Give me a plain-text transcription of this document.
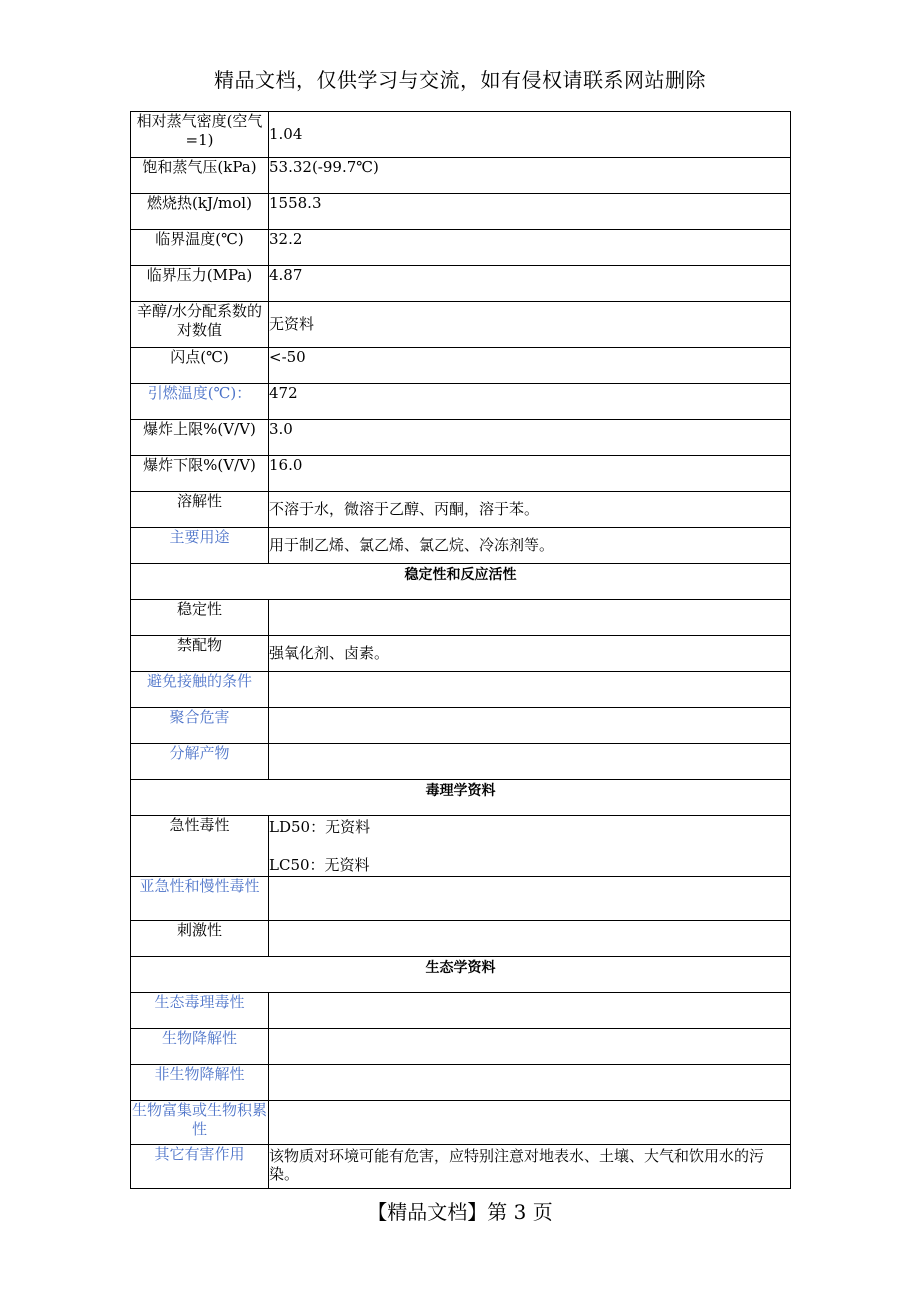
精品文档，仅供学习与交流，如有侵权请联系网站删除
相对蒸气密度(空气=1)	1.04
饱和蒸气压(kPa)	53.32(-99.7℃)
燃烧热(kJ/mol)	1558.3
临界温度(℃)	32.2
临界压力(MPa)	4.87
辛醇/水分配系数的对数值	无资料
闪点(℃)	<-50
引燃温度(℃)：	472
爆炸上限%(V/V)	3.0
爆炸下限%(V/V)	16.0
溶解性	不溶于水，微溶于乙醇、丙酮，溶于苯。
主要用途	用于制乙烯、氯乙烯、氯乙烷、冷冻剂等。
稳定性和反应活性	
稳定性	
禁配物	强氧化剂、卤素。
避免接触的条件	
聚合危害	
分解产物	
毒理学资料	
急性毒性	LD50：无资料
LC50：无资料

亚急性和慢性毒性	
刺激性	
生态学资料	
生态毒理毒性	
生物降解性	
非生物降解性	
生物富集或生物积累性	
其它有害作用	该物质对环境可能有危害，应特别注意对地表水、土壤、大气和饮用水的污染。
【精品文档】第 3 页
